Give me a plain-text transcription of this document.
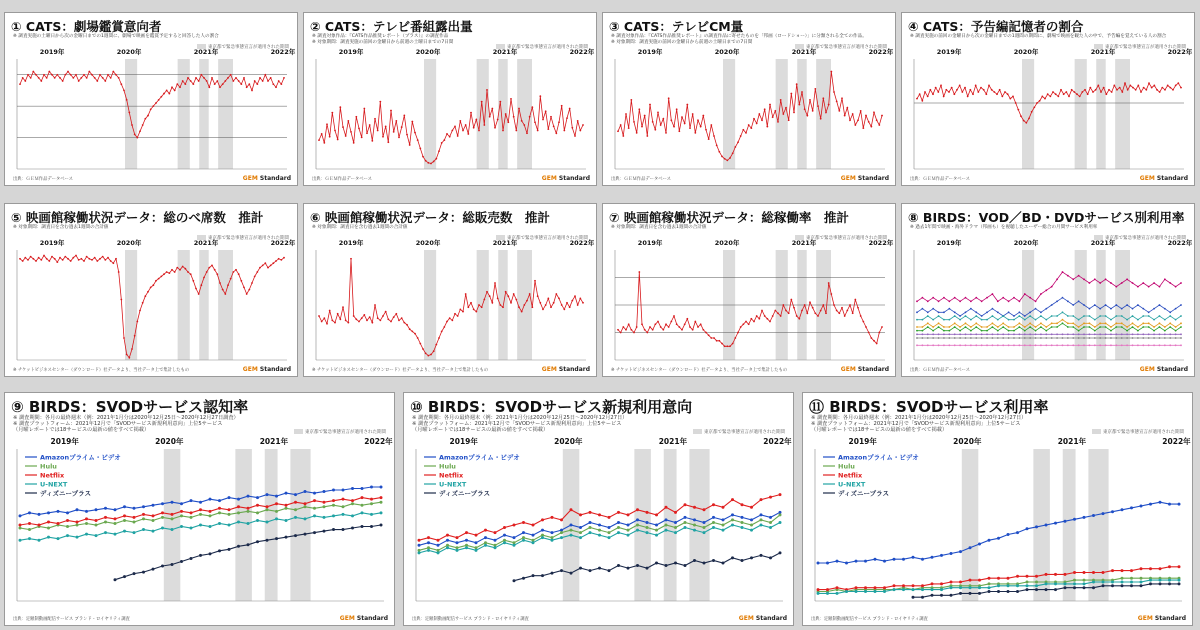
① CATS：劇場鑑賞意向者
※ 調査実施の土曜日から次の金曜日までの1週間に、劇場で映画を鑑賞予定すると回答した人の割合
東京都で緊急事態宣言が適用された期間
2019年	2020年	2021年	2022年
出典：ＧＥＭ作品データベース	GEM Standard
② CATS：テレビ番組露出量
※ 調査対象作品：『CATS作品推奨レポート（プラス）』の調査作品
※ 対象期間：調査実施の前回の金曜日から前週の土曜日までの7日間
東京都で緊急事態宣言が適用された期間
2019年	2020年	2021年	2022年
出典：ＧＥＭ作品データベース	GEM Standard
③ CATS：テレビCM量
※ 調査対象作品：『CATS作品推奨レポート』の調査作品に寄せたものを「邦画（ロードショー）」に分類される全ての作品。
※ 対象期間：調査実施の前回の金曜日から前週の土曜日までの7日間
東京都で緊急事態宣言が適用された期間
2019年	2020年	2021年	2022年
出典：ＧＥＭ作品データベース	GEM Standard
④ CATS：予告編記憶者の割合
※ 調査実施の前回の金曜日から次の金曜日までの1週間の期間に、劇場で映画を観た人の中で、予告編を覚えている人の割合
東京都で緊急事態宣言が適用された期間
2019年	2020年	2021年	2022年
出典：ＧＥＭ作品データベース	GEM Standard
⑤ 映画館稼働状況データ：総のべ席数　推計
※ 対象期間：調査日を含む過去1週間の合計値
東京都で緊急事態宣言が適用された期間
2019年	2020年	2021年	2022年
※ チケットビジネスセンター（ダウンロード）社データより、当社データ上で集計したもの	GEM Standard
⑥ 映画館稼働状況データ：総販売数　推計
※ 対象期間：調査日を含む過去1週間の合計値
東京都で緊急事態宣言が適用された期間
2019年	2020年	2021年	2022年
※ チケットビジネスセンター（ダウンロード）社データより、当社データ上で集計したもの	GEM Standard
⑦ 映画館稼働状況データ：総稼働率　推計
※ 対象期間：調査日を含む過去1週間の合計値
東京都で緊急事態宣言が適用された期間
2019年	2020年	2021年	2022年
※ チケットビジネスセンター（ダウンロード）社データより、当社データ上で集計したもの	GEM Standard
⑧ BIRDS：VOD／BD・DVDサービス別利用率
※ 過去1年間で映画・海外ドラマ（邦画も）を視聴したユーザー総合の月間サービス利用率
東京都で緊急事態宣言が適用された期間
2019年	2020年	2021年	2022年
出典：ＧＥＭ作品データベース	GEM Standard
⑨ BIRDS：SVODサービス認知率
※ 調査期間：各月の最終週末（例：2021年1月分は2020年12月25日〜2020年12月27日調査）
※ 調査プラットフォーム：2021年12月で「SVODサービス新規利用意向」上位5サービス
（月曜レポートでは18サービスの最新の値をすべて掲載）	東京都で緊急事態宣言が適用された期間
2019年	2020年	2021年	2022年
Amazonプライム・ビデオ
Hulu
Netflix
U-NEXT
ディズニープラス
出典：定額制動画配信サービス ブランド・ロイヤリティ調査	GEM Standard
⑩ BIRDS：SVODサービス新規利用意向
※ 調査期間：各月の最終週末（例：2021年1月分は2020年12月25日〜2020年12月27日）
※ 調査プラットフォーム：2021年12月で「SVODサービス新規利用意向」上位5サービス
（月曜レポートでは18サービスの最新の値をすべて掲載）	東京都で緊急事態宣言が適用された期間
2019年	2020年	2021年	2022年
Amazonプライム・ビデオ
Hulu
Netflix
U-NEXT
ディズニープラス
出典：定額制動画配信サービス ブランド・ロイヤリティ調査	GEM Standard
⑪ BIRDS：SVODサービス利用率
※ 調査期間：各月の最終週末（例：2021年1月分は2020年12月25日〜2020年12月27日）
※ 調査プラットフォーム：2021年12月で「SVODサービス新規利用意向」上位5サービス
（月曜レポートでは18サービスの最新の値をすべて掲載）	東京都で緊急事態宣言が適用された期間
2019年	2020年	2021年	2022年
Amazonプライム・ビデオ
Hulu
Netflix
U-NEXT
ディズニープラス
出典：定額制動画配信サービス ブランド・ロイヤリティ調査	GEM Standard
